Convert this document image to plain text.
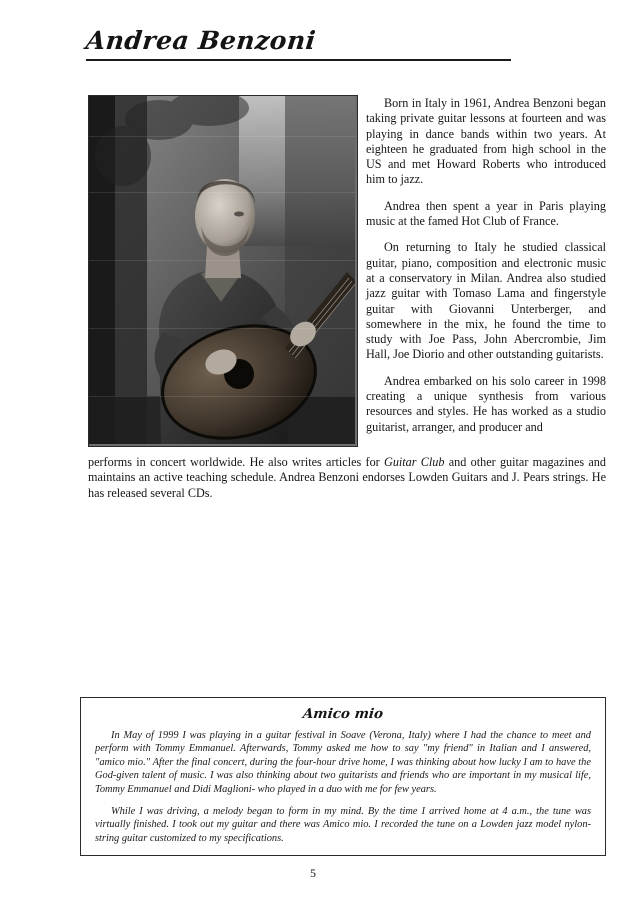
Andrea Benzoni

Born in Italy in 1961, Andrea Benzoni began taking private guitar lessons at fourteen and was playing in dance bands within two years. At eighteen he graduated from high school in the US and met Howard Roberts who introduced him to jazz.

Andrea then spent a year in Paris playing music at the famed Hot Club of France.

On returning to Italy he studied classical guitar, piano, composition and electronic music at a conservatory in Milan. Andrea also studied jazz guitar with Tomaso Lama and fingerstyle guitar with Giovanni Unterberger, and somewhere in the mix, he found the time to study with Joe Pass, John Abercrombie, Jim Hall, Joe Diorio and other outstanding guitarists.

Andrea embarked on his solo career in 1998 creating a unique synthesis from various resources and styles. He has worked as a studio guitarist, arranger, and producer and

performs in concert worldwide. He also writes articles for Guitar Club and other guitar magazines and maintains an active teaching schedule. Andrea Benzoni endorses Lowden Guitars and J. Pears strings. He has released several CDs.

Amico mio

In May of 1999 I was playing in a guitar festival in Soave (Verona, Italy) where I had the chance to meet and perform with Tommy Emmanuel. Afterwards, Tommy asked me how to say "my friend" in Italian and I answered, "amico mio." After the final concert, during the four-hour drive home, I was thinking about how lucky I am to have the God-given talent of music. I was also thinking about two guitarists and friends who are important in my musical life, Tommy Emmanuel and Didi Maglioni- who played in a duo with me for few years.

While I was driving, a melody began to form in my mind. By the time I arrived home at 4 a.m., the tune was virtually finished. I took out my guitar and there was Amico mio. I recorded the tune on a Lowden jazz model nylon-string guitar customized to my specifications.

5
